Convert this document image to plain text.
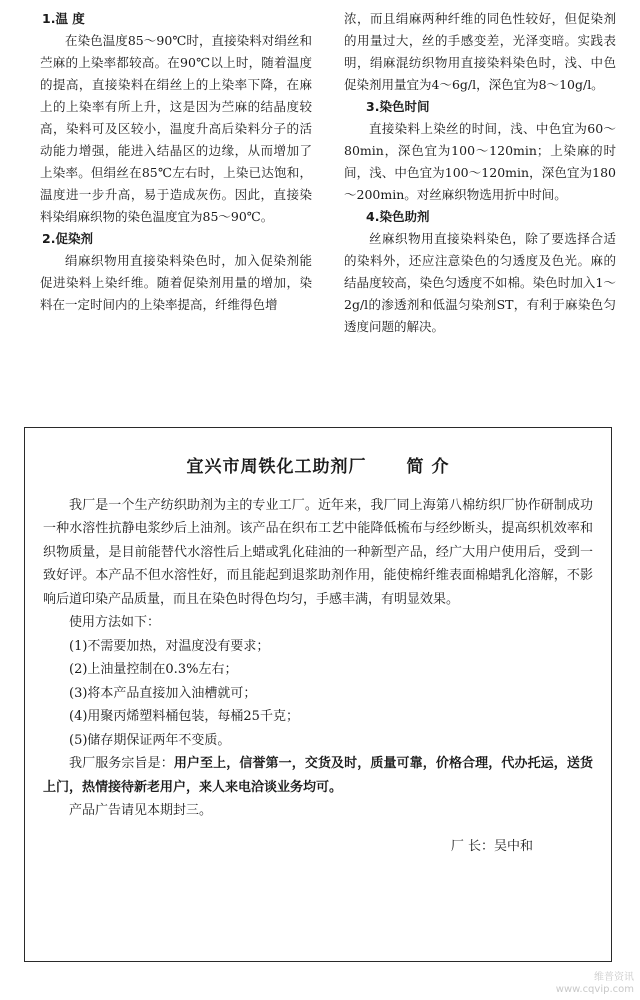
1.温 度

在染色温度85～90℃时，直接染料对绢丝和苎麻的上染率都较高。在90℃以上时，随着温度的提高，直接染料在绢丝上的上染率下降，在麻上的上染率有所上升，这是因为苎麻的结晶度较高，染料可及区较小，温度升高后染料分子的活动能力增强，能进入结晶区的边缘，从而增加了上染率。但绢丝在85℃左右时，上染已达饱和，温度进一步升高，易于造成灰伤。因此，直接染料染绢麻织物的染色温度宜为85～90℃。

2.促染剂

绢麻织物用直接染料染色时，加入促染剂能促进染料上染纤维。随着促染剂用量的增加，染料在一定时间内的上染率提高，纤维得色增

浓，而且绢麻两种纤维的同色性较好，但促染剂的用量过大，丝的手感变差，光泽变暗。实践表明，绢麻混纺织物用直接染料染色时，浅、中色促染剂用量宜为4～6g/l，深色宜为8～10g/l。

3.染色时间

直接染料上染丝的时间，浅、中色宜为60～80min，深色宜为100～120min；上染麻的时间，浅、中色宜为100～120min，深色宜为180～200min。对丝麻织物选用折中时间。

4.染色助剂

丝麻织物用直接染料染色，除了要选择合适的染料外，还应注意染色的匀透度及色光。麻的结晶度较高，染色匀透度不如棉。染色时加入1～2g/l的渗透剂和低温匀染剂ST，有利于麻染色匀透度问题的解决。

宜兴市周铁化工助剂厂 简 介

我厂是一个生产纺织助剂为主的专业工厂。近年来，我厂同上海第八棉纺织厂协作研制成功一种水溶性抗静电浆纱后上油剂。该产品在织布工艺中能降低梳布与经纱断头，提高织机效率和织物质量，是目前能替代水溶性后上蜡或乳化硅油的一种新型产品，经广大用户使用后，受到一致好评。本产品不但水溶性好，而且能起到退浆助剂作用，能使棉纤维表面棉蜡乳化溶解，不影响后道印染产品质量，而且在染色时得色均匀，手感丰满，有明显效果。

使用方法如下：

(1)不需要加热，对温度没有要求；

(2)上油量控制在0.3%左右；

(3)将本产品直接加入油槽就可；

(4)用聚丙烯塑料桶包装，每桶25千克；

(5)储存期保证两年不变质。

我厂服务宗旨是：用户至上，信誉第一，交货及时，质量可靠，价格合理，代办托运，送货上门，热情接待新老用户，来人来电洽谈业务均可。

产品广告请见本期封三。

厂 长：吴中和

维普资讯
www.cqvip.com
